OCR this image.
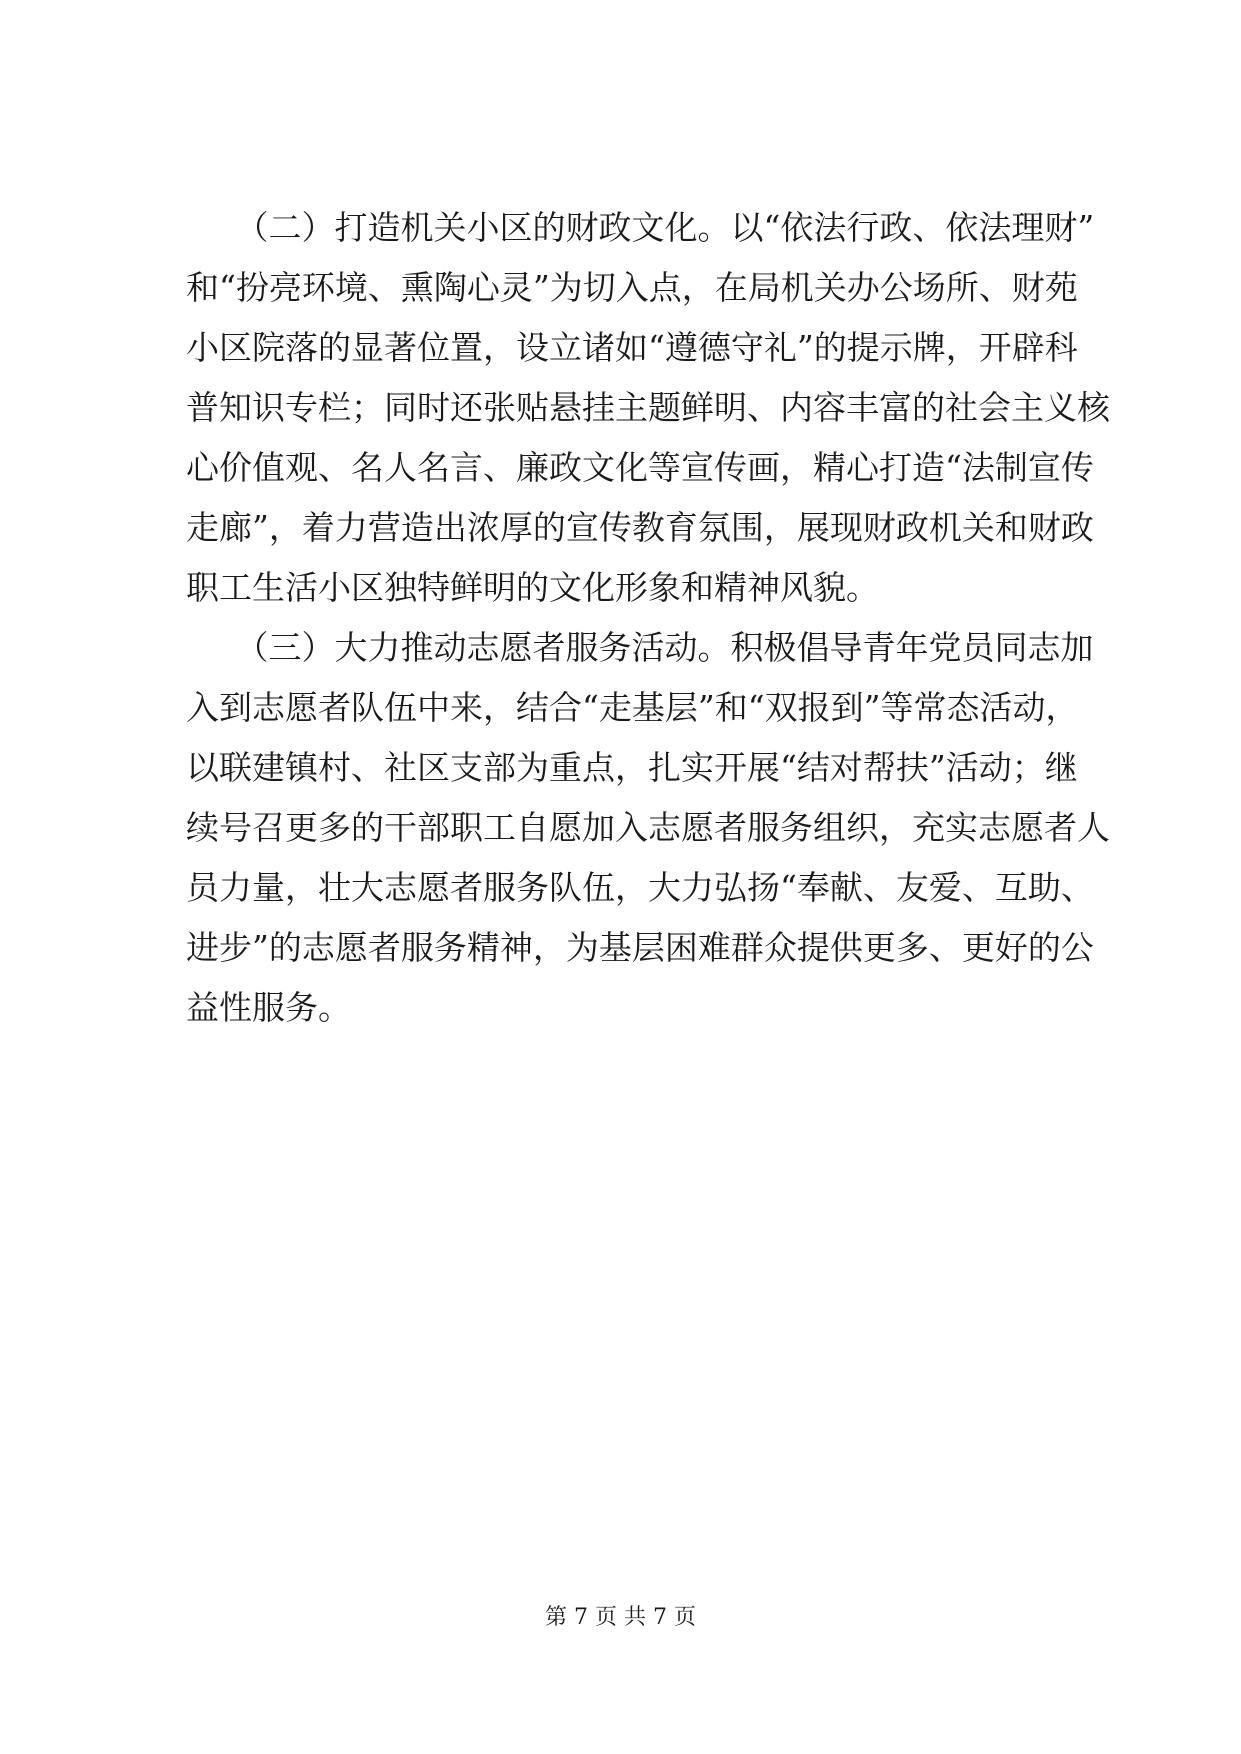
　　（二）打造机关小区的财政文化。以“依法行政、依法理财”
和“扮亮环境、熏陶心灵”为切入点，在局机关办公场所、财苑
小区院落的显著位置，设立诸如“遵德守礼”的提示牌，开辟科
普知识专栏；同时还张贴悬挂主题鲜明、内容丰富的社会主义核
心价值观、名人名言、廉政文化等宣传画，精心打造“法制宣传
走廊”，着力营造出浓厚的宣传教育氛围，展现财政机关和财政
职工生活小区独特鲜明的文化形象和精神风貌。
　　（三）大力推动志愿者服务活动。积极倡导青年党员同志加
入到志愿者队伍中来，结合“走基层”和“双报到”等常态活动，
以联建镇村、社区支部为重点，扎实开展“结对帮扶”活动；继
续号召更多的干部职工自愿加入志愿者服务组织，充实志愿者人
员力量，壮大志愿者服务队伍，大力弘扬“奉献、友爱、互助、
进步”的志愿者服务精神，为基层困难群众提供更多、更好的公
益性服务。
第 7 页 共 7 页
